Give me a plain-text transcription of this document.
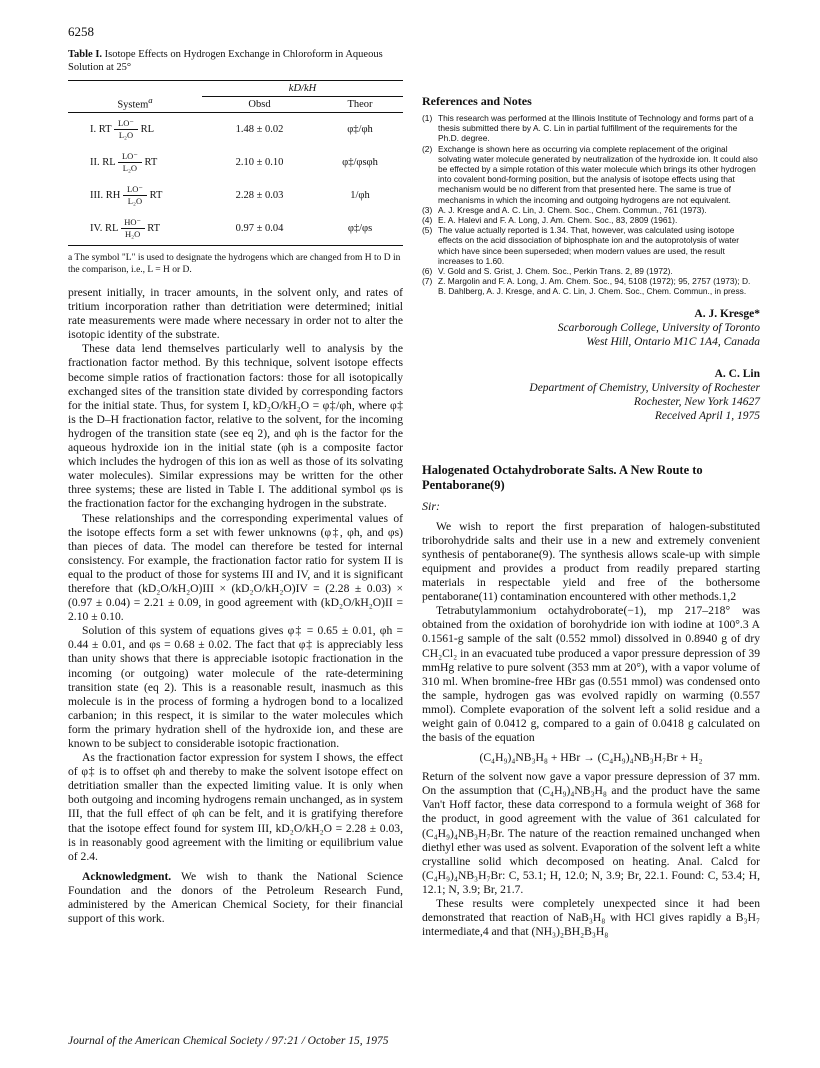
6258
Table I. Isotope Effects on Hydrogen Exchange in Chloroform in Aqueous Solution at 25°
System$^a$	kD/kH	
	Obsd	Theor
I. RT $\frac{LO^-}{\text{L₂O}}$ RL	1.48 ± 0.02	φ‡/φh
II. RL $\frac{LO^-}{\text{L₂O}}$ RT	2.10 ± 0.10	φ‡/φsφh
III. RH $\frac{LO^-}{\text{L₂O}}$ RT	2.28 ± 0.03	1/φh
IV. RL $\frac{HO^-}{\text{H₂O}}$ RT	0.97 ± 0.04	φ‡/φs
a The symbol "L" is used to designate the hydrogens which are changed from H to D in the comparison, i.e., L = H or D.

present initially, in tracer amounts, in the solvent only, and rates of tritium incorporation rather than detritiation were determined; initial rate measurements were made where necessary in order not to alter the isotopic identity of the substrate.

These data lend themselves particularly well to analysis by the fractionation factor method. By this technique, solvent isotope effects become simple ratios of fractionation factors: those for all isotopically exchanged sites of the transition state divided by corresponding factors for the initial state. Thus, for system I, kD₂O/kH₂O = φ‡/φh, where φ‡ is the D–H fractionation factor, relative to the solvent, for the incoming hydrogen of the transition state (see eq 2), and φh is the factor for the aqueous hydroxide ion in the initial state (φh is a composite factor which includes the hydrogen of this ion as well as those of its solvating water molecules). Similar expressions may be written for the other three systems; these are listed in Table I. The additional symbol φs is the fractionation factor for the exchanging hydrogen in the substrate.

These relationships and the corresponding experimental values of the isotope effects form a set with fewer unknowns (φ‡, φh, and φs) than pieces of data. The model can therefore be tested for internal consistency. For example, the fractionation factor ratio for system II is equal to the product of those for systems III and IV, and it is significant therefore that (kD₂O/kH₂O)III × (kD₂O/kH₂O)IV = (2.28 ± 0.03) × (0.97 ± 0.04) = 2.21 ± 0.09, in good agreement with (kD₂O/kH₂O)II = 2.10 ± 0.10.

Solution of this system of equations gives φ‡ = 0.65 ± 0.01, φh = 0.44 ± 0.01, and φs = 0.68 ± 0.02. The fact that φ‡ is appreciably less than unity shows that there is appreciable isotopic fractionation in the incoming (or outgoing) water molecule of the rate-determining transition state (eq 2). This is a reasonable result, inasmuch as this molecule is in the process of forming a hydrogen bond to a localized carbanion; in this respect, it is similar to the water molecules which form the primary hydration shell of the hydroxide ion, and these are known to be subject to considerable isotopic fractionation.

As the fractionation factor expression for system I shows, the effect of φ‡ is to offset φh and thereby to make the solvent isotope effect on detritiation smaller than the expected limiting value. It is only when both outgoing and incoming hydrogens remain unchanged, as in system III, that the full effect of φh can be felt, and it is gratifying therefore that the isotope effect found for system III, kD₂O/kH₂O = 2.28 ± 0.03, is in reasonably good agreement with the limiting or equilibrium value of 2.4.

Acknowledgment. We wish to thank the National Science Foundation and the donors of the Petroleum Research Fund, administered by the American Chemical Society, for their financial support of this work.

References and Notes
(1) This research was performed at the Illinois Institute of Technology and forms part of a thesis submitted there by A. C. Lin in partial fulfillment of the requirements for the Ph.D. degree.
(2) Exchange is shown here as occurring via complete replacement of the original solvating water molecule generated by neutralization of the hydroxide ion. It could also be effected by a simple rotation of this water molecule which brings its other hydrogen into covalent bond-forming position, but the analysis of isotope effects using that mechanism would be no different from that presented here. The same is true of mechanisms in which the incoming and outgoing hydrogens are not equivalent.
(3) A. J. Kresge and A. C. Lin, J. Chem. Soc., Chem. Commun., 761 (1973).
(4) E. A. Halevi and F. A. Long, J. Am. Chem. Soc., 83, 2809 (1961).
(5) The value actually reported is 1.34. That, however, was calculated using isotope effects on the acid dissociation of biphosphate ion and the autoprotolysis of water which have since been superseded; when modern values are used, the result increases to 1.60.
(6) V. Gold and S. Grist, J. Chem. Soc., Perkin Trans. 2, 89 (1972).
(7) Z. Margolin and F. A. Long, J. Am. Chem. Soc., 94, 5108 (1972); 95, 2757 (1973); D. B. Dahlberg, A. J. Kresge, and A. C. Lin, J. Chem. Soc., Chem. Commun., in press.
A. J. Kresge*
Scarborough College, University of Toronto
West Hill, Ontario M1C 1A4, Canada
A. C. Lin
Department of Chemistry, University of Rochester
Rochester, New York 14627
Received April 1, 1975
Halogenated Octahydroborate Salts. A New Route to Pentaborane(9)
Sir:

We wish to report the first preparation of halogen-substituted triborohydride salts and their use in a new and extremely convenient synthesis of pentaborane(9). The synthesis allows scale-up with simple equipment and provides a product from readily prepared starting materials in respectable yield and free of the bothersome pentaborane(11) contamination encountered with other methods.1,2

Tetrabutylammonium octahydroborate(−1), mp 217–218° was obtained from the oxidation of borohydride ion with iodine at 100°.3 A 0.1561-g sample of the salt (0.552 mmol) dissolved in 0.8940 g of dry CH₂Cl₂ in an evacuated tube produced a vapor pressure depression of 39 mmHg relative to pure solvent (353 mm at 20°), with a vapor volume of 310 ml. When bromine-free HBr gas (0.551 mmol) was condensed onto the sample, hydrogen gas was evolved rapidly on warming (0.557 mmol). Complete evaporation of the solvent left a solid residue and a weight gain of 0.0412 g, compared to a gain of 0.0418 g calculated on the basis of the equation

(C₄H₉)₄NB₃H₈ + HBr → (C₄H₉)₄NB₃H₇Br + H₂

Return of the solvent now gave a vapor pressure depression of 37 mm. On the assumption that (C₄H₉)₄NB₃H₈ and the product have the same Van't Hoff factor, these data correspond to a formula weight of 368 for the product, in good agreement with the value of 361 calculated for (C₄H₉)₄NB₃H₇Br. The nature of the reaction remained unchanged when diethyl ether was used as solvent. Evaporation of the solvent left a white crystalline solid which decomposed on heating. Anal. Calcd for (C₄H₉)₄NB₃H₇Br: C, 53.1; H, 12.0; N, 3.9; Br, 22.1. Found: C, 53.4; H, 12.1; N, 3.9; Br, 21.7.

These results were completely unexpected since it had been demonstrated that reaction of NaB₃H₈ with HCl gives rapidly a B₃H₇ intermediate,4 and that (NH₃)₂BH₂B₃H₈

Journal of the American Chemical Society / 97:21 / October 15, 1975
